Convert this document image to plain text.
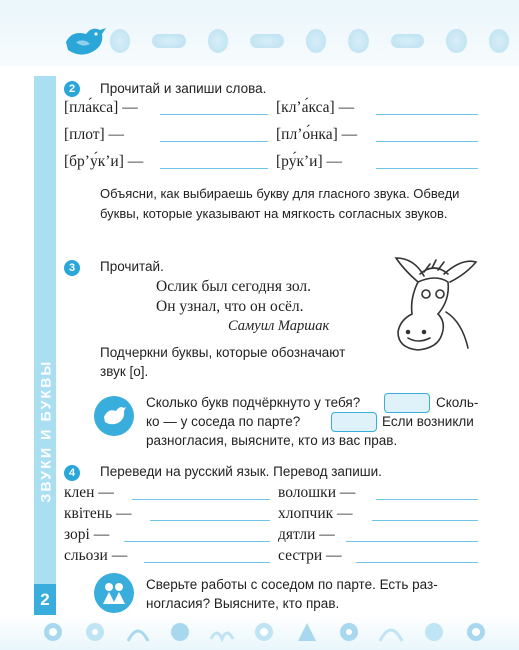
ЗВУКИ И БУКВЫ
2
2	Прочитай и запиши слова.
[пла́кса] —	[кл’а́кса] —
[плот] —	[пл’о́нка] —
[бр’у́к’и] —	[ру́к’и] —
Объясни, как выбираешь букву для гласного звука. Обведи буквы, которые указывают на мягкость согласных звуков.
3	Прочитай.
Ослик был сегодня зол.
Он узнал, что он осёл.
Самуил Маршак
Подчеркни буквы, которые обозначают
звук [о].
Сколько букв подчёркнуто у тебя?	Сколь-
ко — у соседа по парте?	Если возникли
разногласия, выясните, кто из вас прав.
4	Переведи на русский язык. Перевод запиши.
клен —	волошки —
квітень —	хлопчик —
зорі —	дятли —
сльози —	сестри —
Сверьте работы с соседом по парте. Есть раз-
ногласия? Выясните, кто прав.
